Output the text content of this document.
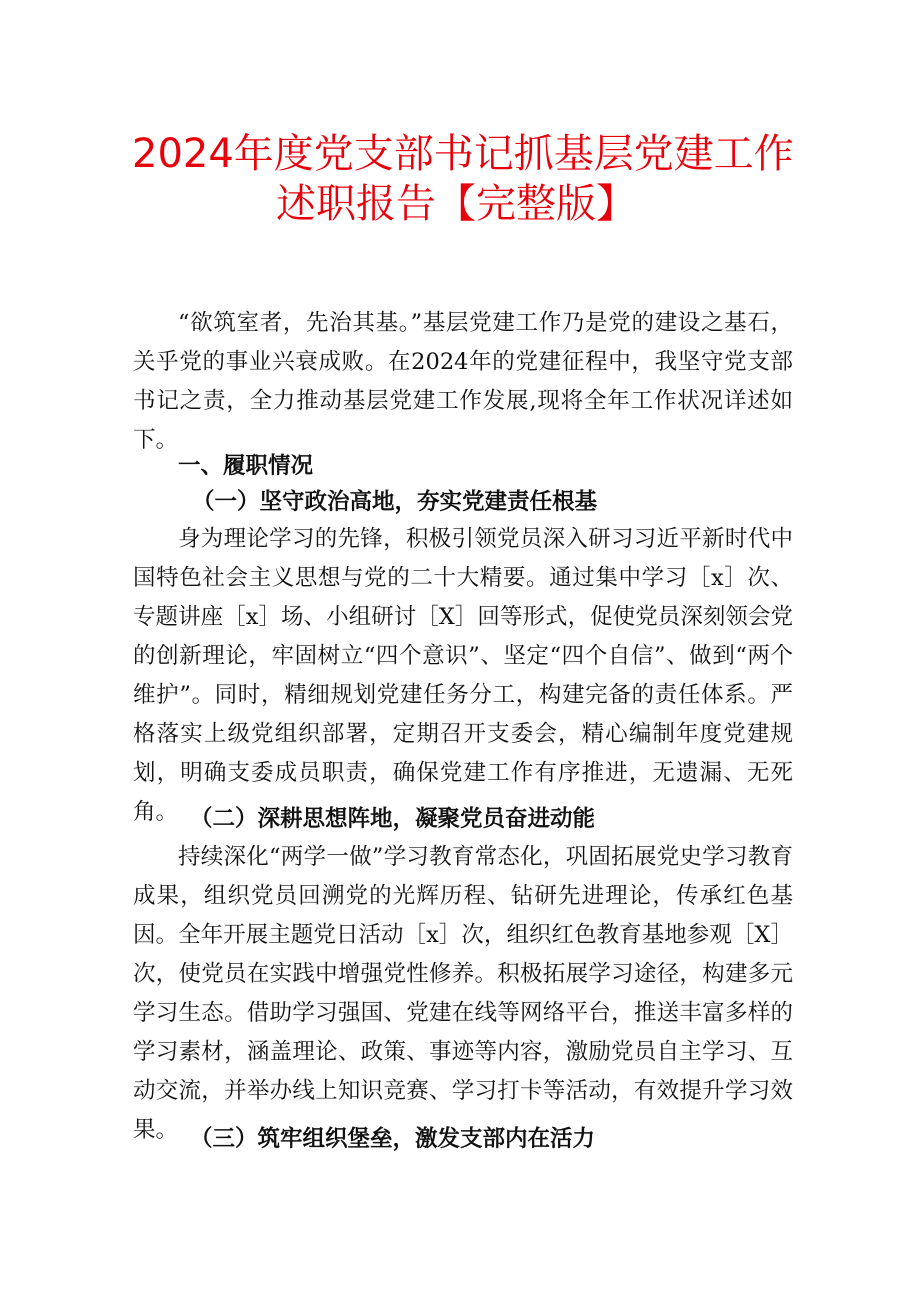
2024年度党支部书记抓基层党建工作
述职报告【完整版】

“欲筑室者，先治其基。”基层党建工作乃是党的建设之基石，关乎党的事业兴衰成败。在2024年的党建征程中，我坚守党支部书记之责，全力推动基层党建工作发展,现将全年工作状况详述如下。

一、履职情况

（一）坚守政治高地，夯实党建责任根基

身为理论学习的先锋，积极引领党员深入研习习近平新时代中国特色社会主义思想与党的二十大精要。通过集中学习［x］次、专题讲座［x］场、小组研讨［X］回等形式，促使党员深刻领会党的创新理论，牢固树立“四个意识”、坚定“四个自信”、做到“两个维护”。同时，精细规划党建任务分工，构建完备的责任体系。严格落实上级党组织部署，定期召开支委会，精心编制年度党建规划，明确支委成员职责，确保党建工作有序推进，无遗漏、无死角。 （二）深耕思想阵地，凝聚党员奋进动能

持续深化“两学一做”学习教育常态化，巩固拓展党史学习教育成果，组织党员回溯党的光辉历程、钻研先进理论，传承红色基因。全年开展主题党日活动［x］次，组织红色教育基地参观［X］次，使党员在实践中增强党性修养。积极拓展学习途径，构建多元学习生态。借助学习强国、党建在线等网络平台，推送丰富多样的学习素材，涵盖理论、政策、事迹等内容，激励党员自主学习、互动交流，并举办线上知识竞赛、学习打卡等活动，有效提升学习效果。 （三）筑牢组织堡垒，激发支部内在活力
